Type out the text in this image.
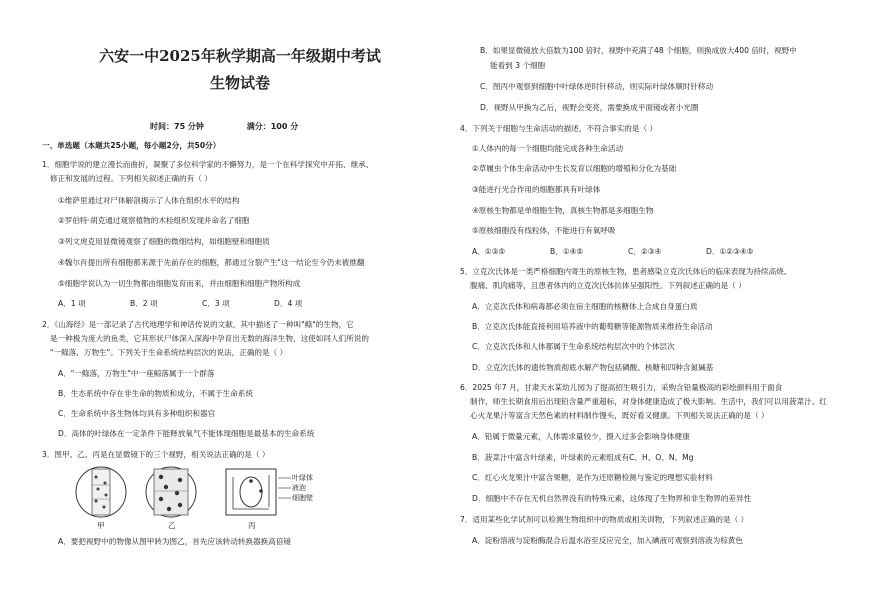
六安一中2025年秋学期高一年级期中考试
生物试卷
时间：75 分钟	满分：100 分
一、单选题（本题共25小题，每小题2分，共50分）
1．细胞学说的建立漫长而曲折，凝聚了多位科学家的不懈努力，是一个在科学探究中开拓、继承、
修正和发展的过程。下列相关叙述正确的有（ ）
①维萨里通过对尸体解剖揭示了人体在组织水平的结构
②罗伯特·胡克通过观察植物的木栓组织发现并命名了细胞
③列文虎克用显微镜观察了细胞的微细结构，如细胞壁和细胞质
④魏尔肖提出所有细胞都来源于先前存在的细胞，都通过分裂产生"这一结论至今仍未被推翻
⑤细胞学说认为一切生物都由细胞发育而来，并由细胞和细胞产物所构成
A．1 项	B．2 项	C．3 项	D．4 项
2．《山海经》是一部记录了古代地理学和神话传说的文献，其中描述了一种叫"鲦"的生物，它
是一种极为庞大的鱼类，它其形状尸体深入深海中孕育出无数的海洋生物，这使如同人们所说的
"一鲦落，万物生"。下列关于生命系统结构层次的说法，正确的是（ ）
A．"一鲦落，万物生"中一座鲸落属于一个群落
B．生态系统中存在非生命的物质和成分，不属于生命系统
C．生命系统中各生物体均具有多种组织和器官
D．高体的叶绿体在一定条件下能释放氧气不能体现细胞是最基本的生命系统
3．图甲、乙、丙是在显微镜下的三个视野，相关说法正确的是（ ）
甲	乙	丙
叶绿体
液泡
细胞壁
A．要把视野中的物像从图甲转为图乙，首先应该转动转换器换高倍镜
B．如果显微镜放大倍数为100 倍时，视野中充满了48 个细胞，则换成放大400 倍时，视野中
能看到 3 个细胞
C．图丙中观察到细胞中叶绿体逆时针移动，则实际叶绿体顺时针移动
D．视野从甲换为乙后，视野会变亮，需要换成平面镜或者小光圈
4．下列关于细胞与生命活动的描述，不符合事实的是（ ）
①人体内的每一个细胞均能完成各种生命活动
②草履虫个体生命活动中生长发育以细胞的增殖和分化为基础
③能进行光合作用的细胞都具有叶绿体
④原核生物都是单细胞生物，真核生物都是多细胞生物
⑤原核细胞没有线粒体，不能进行有氧呼吸
A．①③⑤	B．①④⑤	C．②③④	D．①②③④⑤
5．立克次氏体是一类严格细胞内寄生的原核生物，患者感染立克次氏体后的临床表现为持续高烧、
腹痛、肌肉痛等，且患者体内的立克次氏体抗体呈强阳性。下列叙述正确的是（ ）
A．立克次氏体和病毒都必须在宿主细胞的核糖体上合成自身蛋白质
B．立克次氏体能直接利用培养液中的葡萄糖等能源物质来维持生命活动
C．立克次氏体和人体都属于生命系统结构层次中的个体层次
D．立克次氏体的遗传物质彻底水解产物包括磷酸、核糖和四种含氮碱基
6．2025 年7 月，甘肃天水某幼儿园为了提高招生吸引力，采购含铅量极高的彩绘颜料用于面食
制作，师生长期食用后出现铅含量严重超标，对身体健康造成了极大影响。生活中，我们可以用菠菜汁、红
心火龙果汁等富含天然色素的材料制作馒头，既好看又健康。下列相关说法正确的是（ ）
A．铅属于微量元素，人体需求量较少，摄入过多会影响身体健康
B．菠菜汁中富含叶绿素，叶绿素的元素组成有C、H、O、N、Mg
C．红心火龙果汁中富含果糖，是作为还原糖检测与鉴定的理想实验材料
D．细胞中不存在无机自然界没有的特殊元素，这体现了生物界和非生物界的差异性
7．适用某些化学试剂可以检测生物组织中的物质或相关训物，下列叙述正确的是（ ）
A．淀粉溶液与淀粉酶混合后温水浴至反应完全，加入碘液可观察到溶液为棕黄色
